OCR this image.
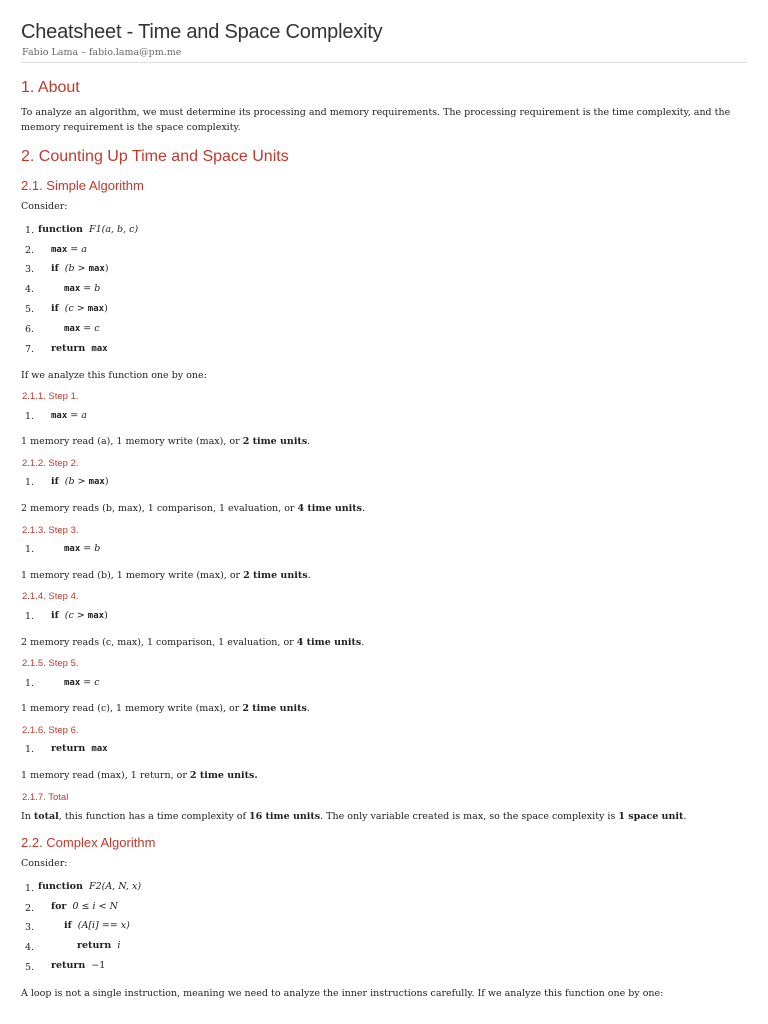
Cheatsheet - Time and Space Complexity
Fabio Lama – fabio.lama@pm.me
1. About
To analyze an algorithm, we must determine its processing and memory requirements. The processing requirement is the time complexity, and the memory requirement is the space complexity.
2. Counting Up Time and Space Units
2.1. Simple Algorithm
Consider:
1. function F1(a, b, c)
2. max = a
3. if (b > max)
4.	max = b
5. if (c > max)
6.	max = c
7. return max
If we analyze this function one by one:
2.1.1. Step 1.
1. max = a
1 memory read (a), 1 memory write (max), or 2 time units.
2.1.2. Step 2.
1. if (b > max)
2 memory reads (b, max), 1 comparison, 1 evaluation, or 4 time units.
2.1.3. Step 3.
1.	max = b
1 memory read (b), 1 memory write (max), or 2 time units.
2.1.4. Step 4.
1. if (c > max)
2 memory reads (c, max), 1 comparison, 1 evaluation, or 4 time units.
2.1.5. Step 5.
1.	max = c
1 memory read (c), 1 memory write (max), or 2 time units.
2.1.6. Step 6.
1. return max
1 memory read (max), 1 return, or 2 time units.
2.1.7. Total
In total, this function has a time complexity of 16 time units. The only variable created is max, so the space complexity is 1 space unit.
2.2. Complex Algorithm
Consider:
1. function F2(A, N, x)
2. for 0 ≤ i < N
3.	if (A[i] == x)
4.	return i
5. return −1
A loop is not a single instruction, meaning we need to analyze the inner instructions carefully. If we analyze this function one by one:
